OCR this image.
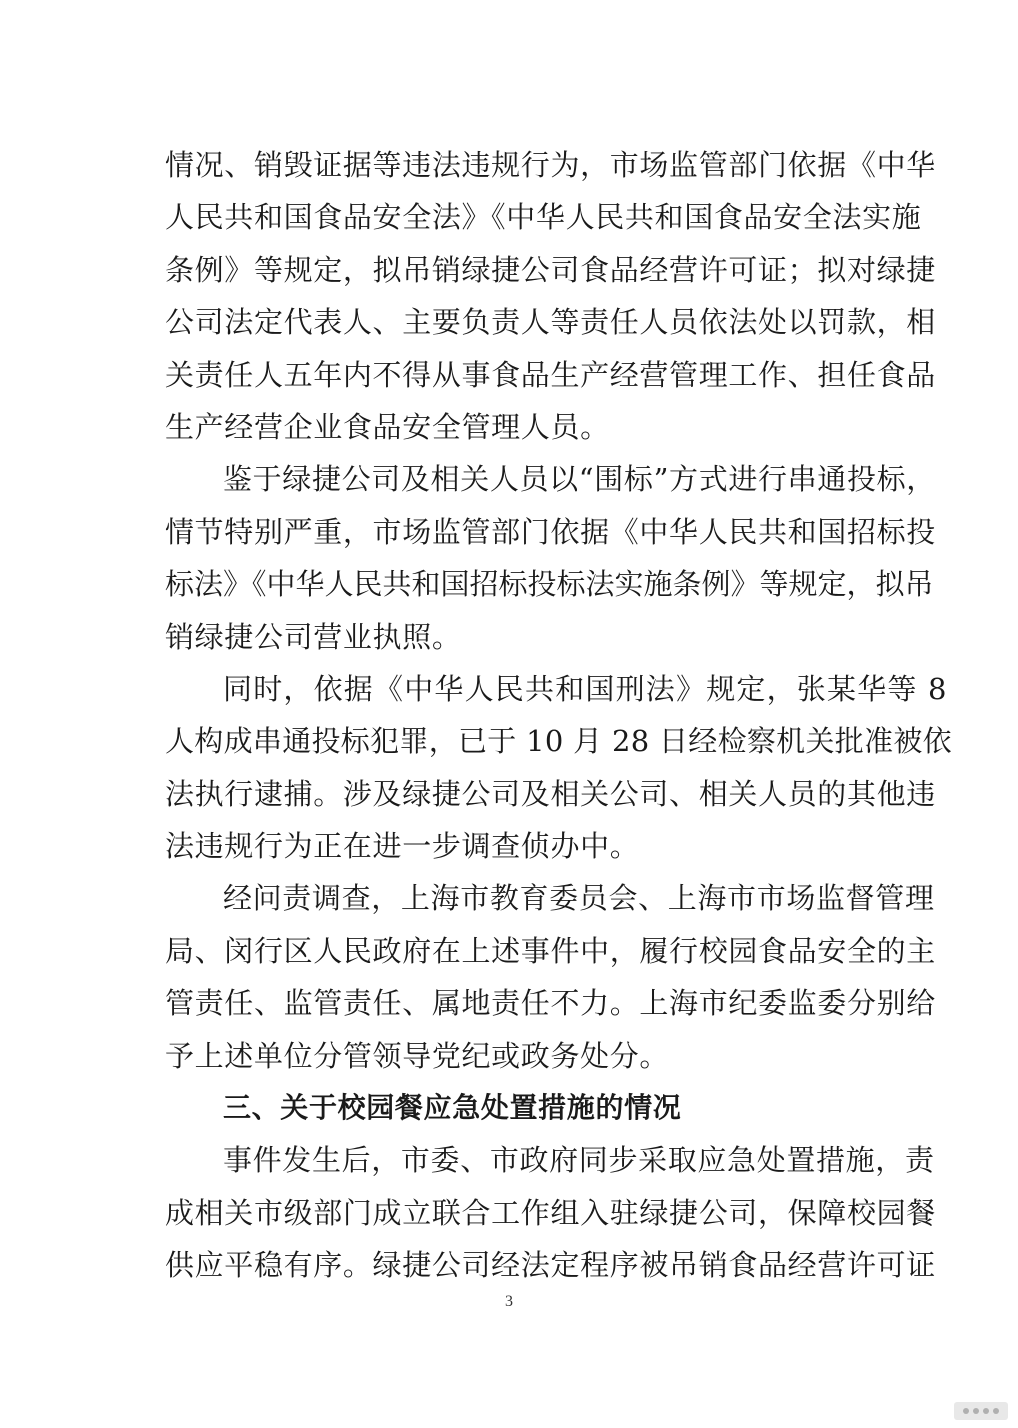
情况、销毁证据等违法违规行为，市场监管部门依据《中华
人民共和国食品安全法》《中华人民共和国食品安全法实施
条例》等规定，拟吊销绿捷公司食品经营许可证；拟对绿捷
公司法定代表人、主要负责人等责任人员依法处以罚款，相
关责任人五年内不得从事食品生产经营管理工作、担任食品
生产经营企业食品安全管理人员。
鉴于绿捷公司及相关人员以“围标”方式进行串通投标，
情节特别严重，市场监管部门依据《中华人民共和国招标投
标法》《中华人民共和国招标投标法实施条例》等规定，拟吊
销绿捷公司营业执照。
同时，依据《中华人民共和国刑法》规定，张某华等 8
人构成串通投标犯罪，已于 10 月 28 日经检察机关批准被依
法执行逮捕。涉及绿捷公司及相关公司、相关人员的其他违
法违规行为正在进一步调查侦办中。
经问责调查，上海市教育委员会、上海市市场监督管理
局、闵行区人民政府在上述事件中，履行校园食品安全的主
管责任、监管责任、属地责任不力。上海市纪委监委分别给
予上述单位分管领导党纪或政务处分。
三、关于校园餐应急处置措施的情况
事件发生后，市委、市政府同步采取应急处置措施，责
成相关市级部门成立联合工作组入驻绿捷公司，保障校园餐
供应平稳有序。绿捷公司经法定程序被吊销食品经营许可证
3
